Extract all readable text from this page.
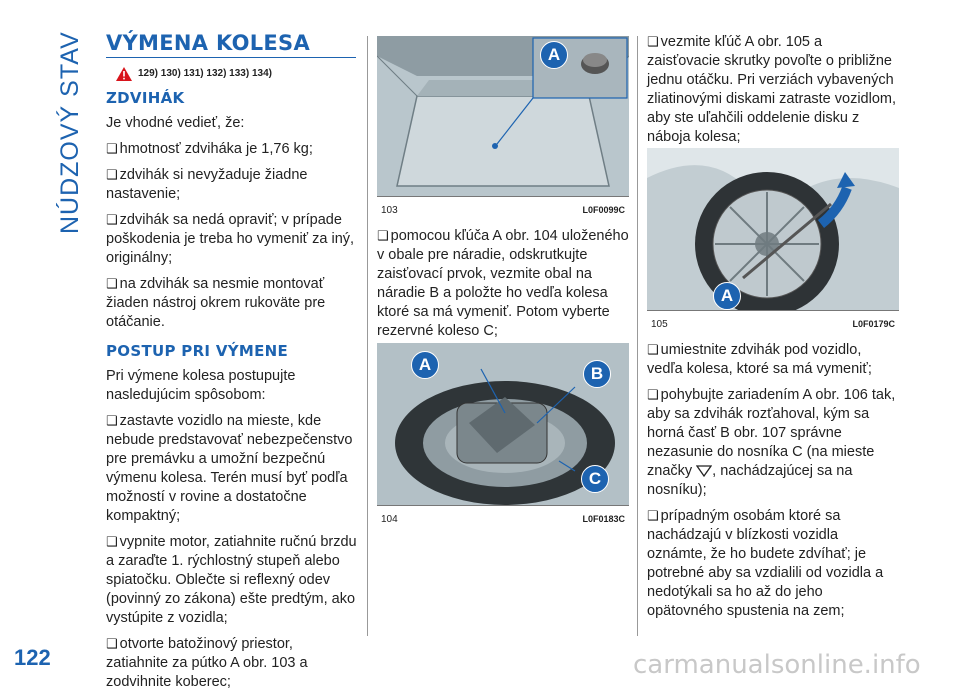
NÚDZOVÝ STAV
122
VÝMENA KOLESA
129) 130) 131) 132) 133) 134)
ZDVIHÁK

Je vhodné vedieť, že:

❑ hmotnosť zdviháka je 1,76 kg;

❑ zdvihák si nevyžaduje žiadne nastavenie;

❑ zdvihák sa nedá opraviť; v prípade poškodenia je treba ho vymeniť za iný, originálny;

❑ na zdvihák sa nesmie montovať žiaden nástroj okrem rukoväte pre otáčanie.

POSTUP PRI VÝMENE

Pri výmene kolesa postupujte nasledujúcim spôsobom:

❑ zastavte vozidlo na mieste, kde nebude predstavovať nebezpečenstvo pre premávku a umožní bezpečnú výmenu kolesa. Terén musí byť podľa možností v rovine a dostatočne kompaktný;

❑ vypnite motor, zatiahnite ručnú brzdu a zaraďte 1. rýchlostný stupeň alebo spiatočku. Oblečte si reflexný odev (povinný zo zákona) ešte predtým, ako vystúpite z vozidla;

❑ otvorte batožinový priestor, zatiahnite za pútko A obr. 103 a zodvihnite koberec;

A
103	L0F0099C

❑ pomocou kľúča A obr. 104 uloženého v obale pre náradie, odskrutkujte zaisťovací prvok, vezmite obal na náradie B a položte ho vedľa kolesa ktoré sa má vymeniť. Potom vyberte rezervné koleso C;

A	B
C
104	L0F0183C

❑ vezmite kľúč A obr. 105 a zaisťovacie skrutky povoľte o približne jednu otáčku. Pri verziách vybavených zliatinovými diskami zatraste vozidlom, aby ste uľahčili oddelenie disku z náboja kolesa;

A
105	L0F0179C

❑ umiestnite zdvihák pod vozidlo, vedľa kolesa, ktoré sa má vymeniť;

❑ pohybujte zariadením A obr. 106 tak, aby sa zdvihák rozťahoval, kým sa horná časť B obr. 107 správne nezasunie do nosníka C (na mieste značky , nachádzajúcej sa na nosníku);

❑ prípadným osobám ktoré sa nachádzajú v blízkosti vozidla oznámte, že ho budete zdvíhať; je potrebné aby sa vzdialili od vozidla a nedotýkali sa ho až do jeho opätovného spustenia na zem;

carmanualsonline.info
